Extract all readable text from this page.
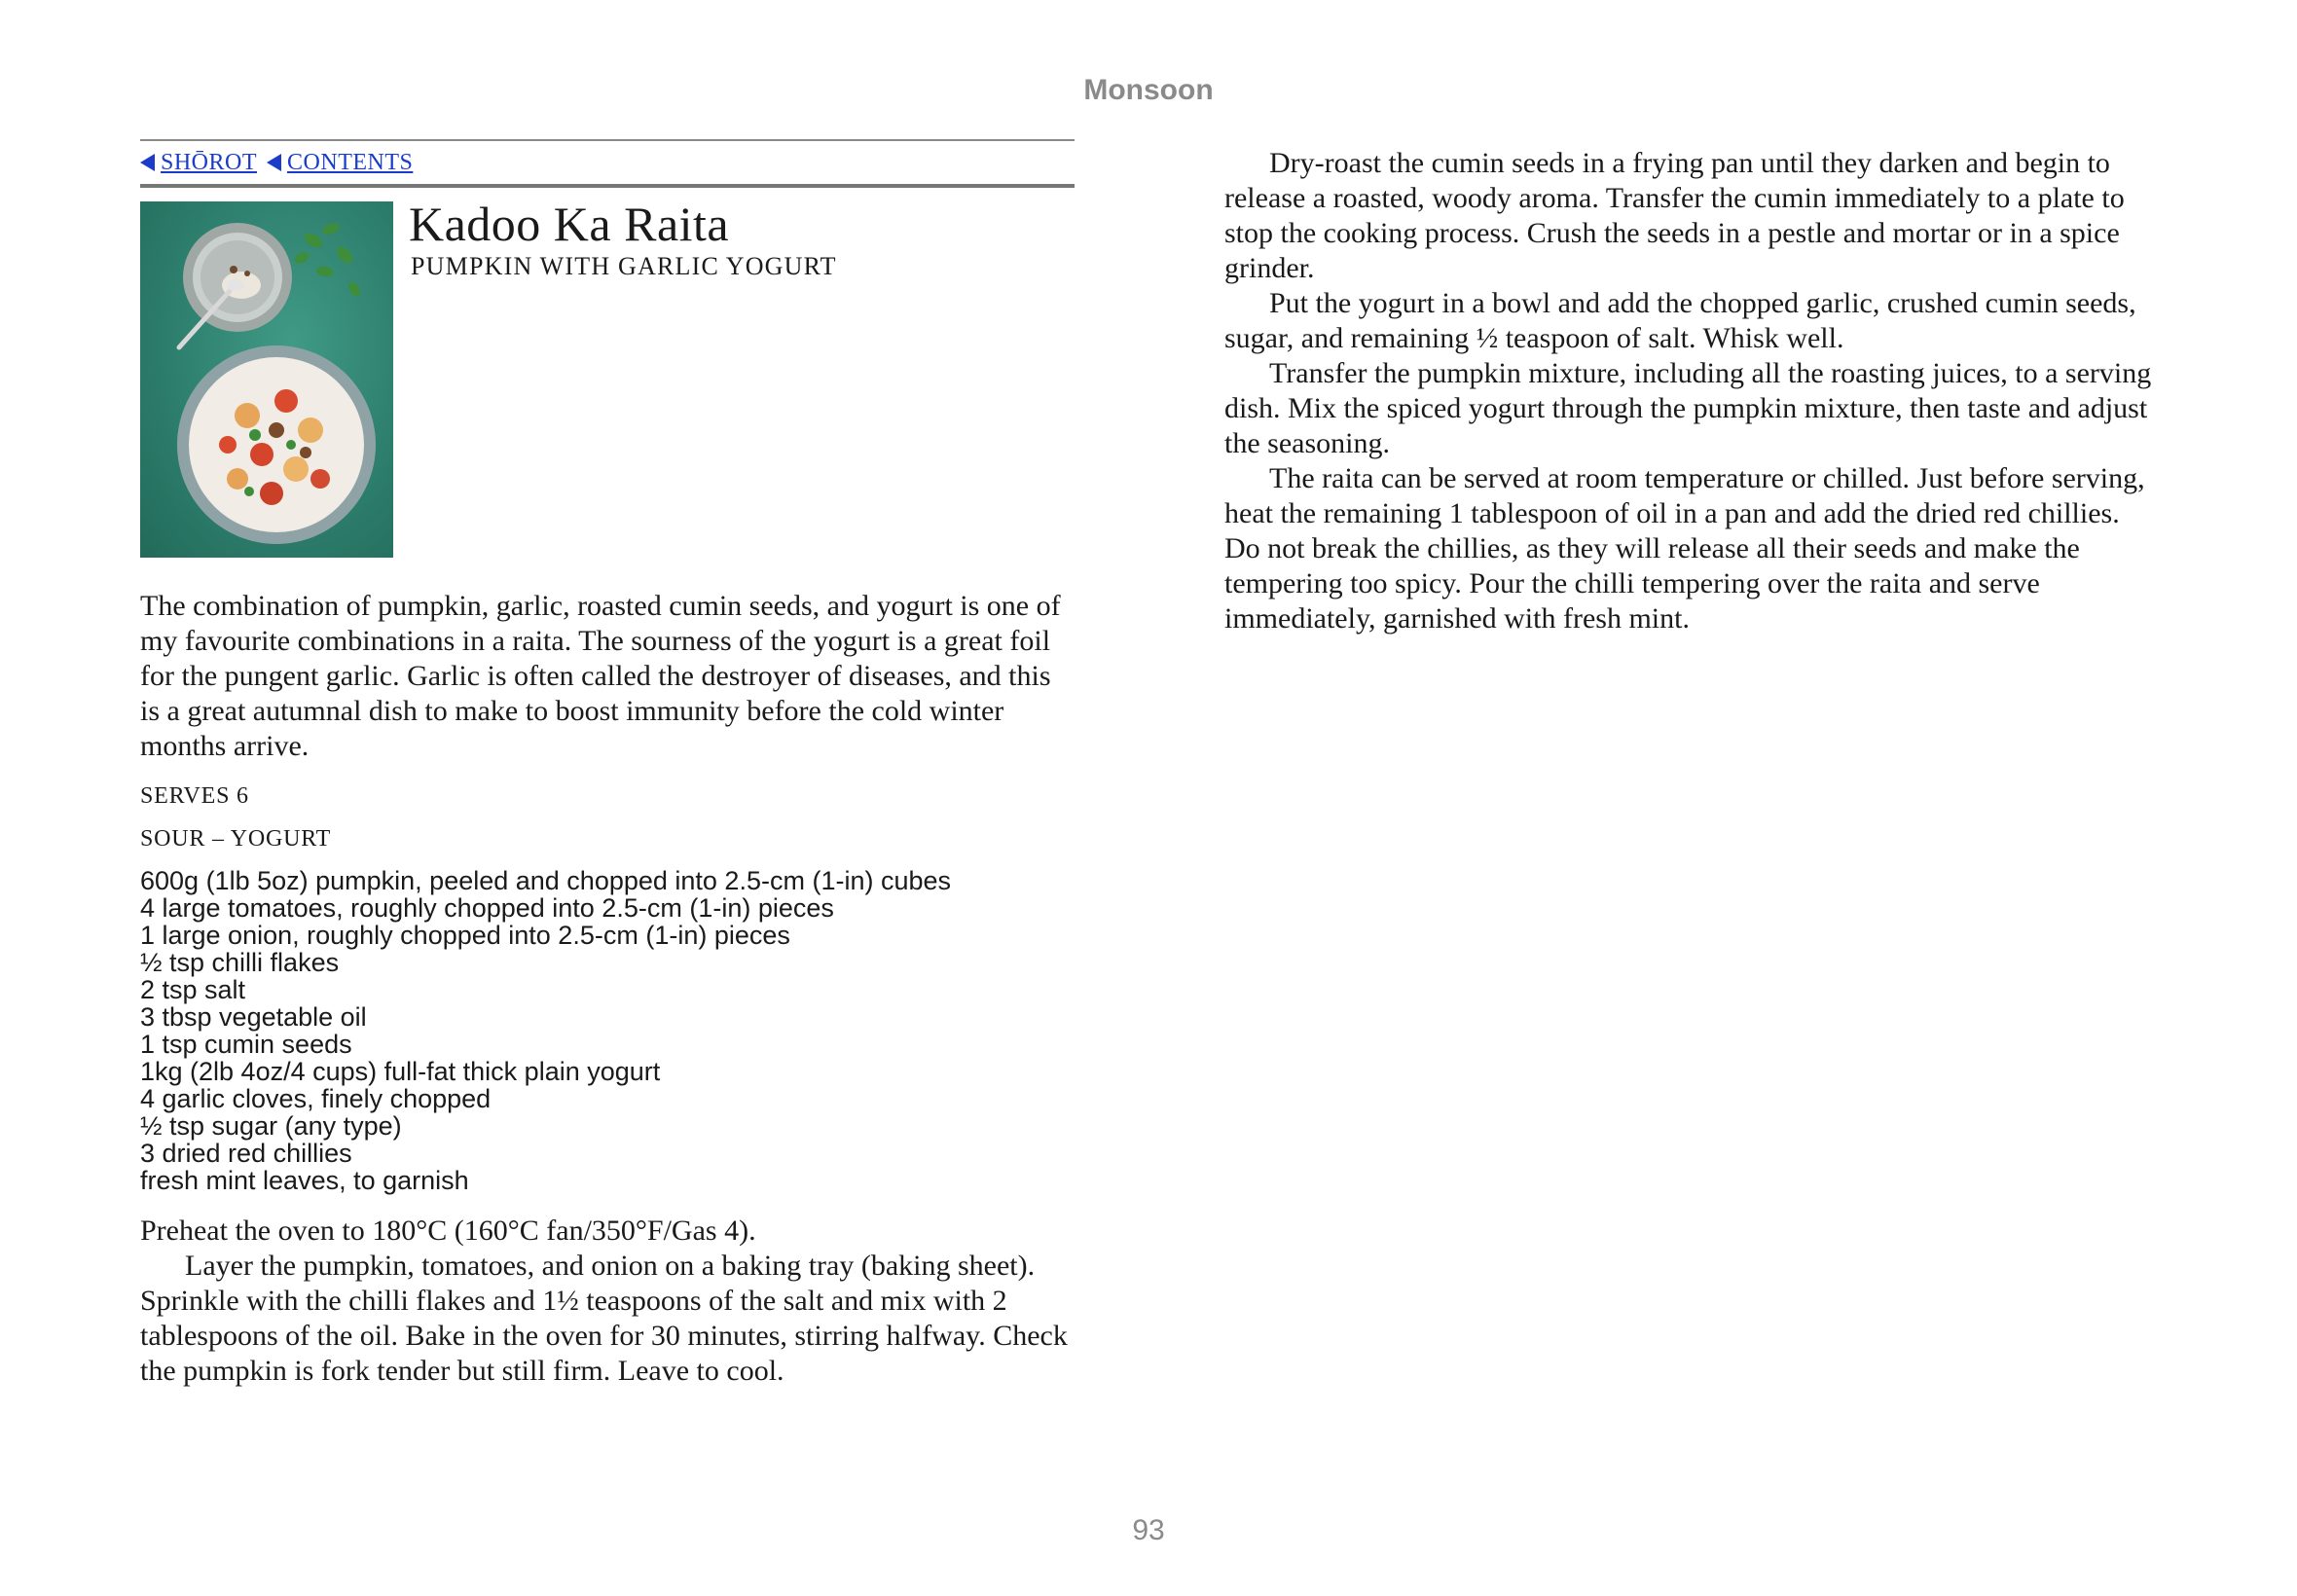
Monsoon
SHŌROT CONTENTS
Kadoo Ka Raita
PUMPKIN WITH GARLIC YOGURT
The combination of pumpkin, garlic, roasted cumin seeds, and yogurt is one of my favourite combinations in a raita. The sourness of the yogurt is a great foil for the pungent garlic. Garlic is often called the destroyer of diseases, and this is a great autumnal dish to make to boost immunity before the cold winter months arrive.
SERVES 6
SOUR – YOGURT
600g (1lb 5oz) pumpkin, peeled and chopped into 2.5-cm (1-in) cubes
4 large tomatoes, roughly chopped into 2.5-cm (1-in) pieces
1 large onion, roughly chopped into 2.5-cm (1-in) pieces
½ tsp chilli flakes
2 tsp salt
3 tbsp vegetable oil
1 tsp cumin seeds
1kg (2lb 4oz/4 cups) full-fat thick plain yogurt
4 garlic cloves, finely chopped
½ tsp sugar (any type)
3 dried red chillies
fresh mint leaves, to garnish

Preheat the oven to 180°C (160°C fan/350°F/Gas 4).

Layer the pumpkin, tomatoes, and onion on a baking tray (baking sheet). Sprinkle with the chilli flakes and 1½ teaspoons of the salt and mix with 2 tablespoons of the oil. Bake in the oven for 30 minutes, stirring halfway. Check the pumpkin is fork tender but still firm. Leave to cool.

Dry-roast the cumin seeds in a frying pan until they darken and begin to release a roasted, woody aroma. Transfer the cumin immediately to a plate to stop the cooking process. Crush the seeds in a pestle and mortar or in a spice grinder.

Put the yogurt in a bowl and add the chopped garlic, crushed cumin seeds, sugar, and remaining ½ teaspoon of salt. Whisk well.

Transfer the pumpkin mixture, including all the roasting juices, to a serving dish. Mix the spiced yogurt through the pumpkin mixture, then taste and adjust the seasoning.

The raita can be served at room temperature or chilled. Just before serving, heat the remaining 1 tablespoon of oil in a pan and add the dried red chillies. Do not break the chillies, as they will release all their seeds and make the tempering too spicy. Pour the chilli tempering over the raita and serve immediately, garnished with fresh mint.

93
